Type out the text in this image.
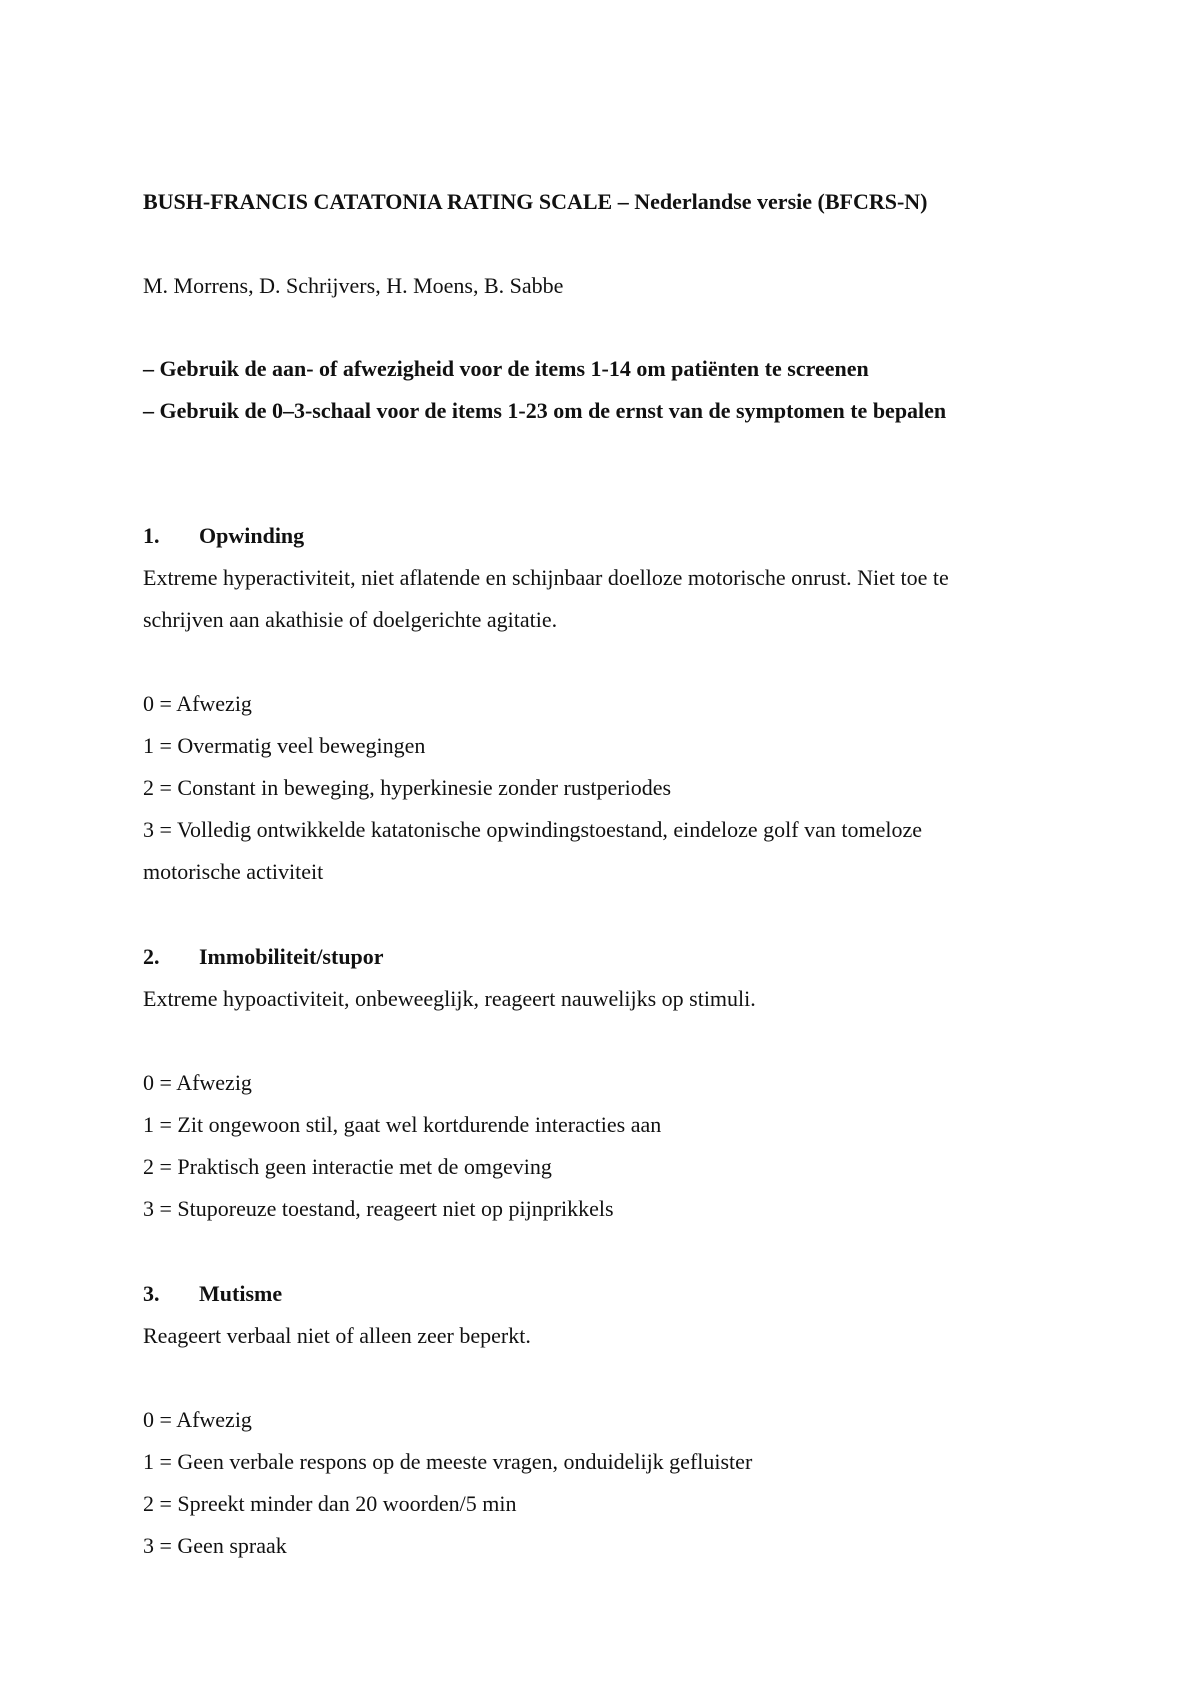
BUSH-FRANCIS CATATONIA RATING SCALE – Nederlandse versie (BFCRS-N)
M. Morrens, D. Schrijvers, H. Moens, B. Sabbe
– Gebruik de aan- of afwezigheid voor de items 1-14 om patiënten te screenen
– Gebruik de 0–3-schaal voor de items 1-23 om de ernst van de symptomen te bepalen
1. Opwinding
Extreme hyperactiviteit, niet aflatende en schijnbaar doelloze motorische onrust. Niet toe te
schrijven aan akathisie of doelgerichte agitatie.
0 = Afwezig
1 = Overmatig veel bewegingen
2 = Constant in beweging, hyperkinesie zonder rustperiodes
3 = Volledig ontwikkelde katatonische opwindingstoestand, eindeloze golf van tomeloze
motorische activiteit
2. Immobiliteit/stupor
Extreme hypoactiviteit, onbeweeglijk, reageert nauwelijks op stimuli.
0 = Afwezig
1 = Zit ongewoon stil, gaat wel kortdurende interacties aan
2 = Praktisch geen interactie met de omgeving
3 = Stuporeuze toestand, reageert niet op pijnprikkels
3. Mutisme
Reageert verbaal niet of alleen zeer beperkt.
0 = Afwezig
1 = Geen verbale respons op de meeste vragen, onduidelijk gefluister
2 = Spreekt minder dan 20 woorden/5 min
3 = Geen spraak
